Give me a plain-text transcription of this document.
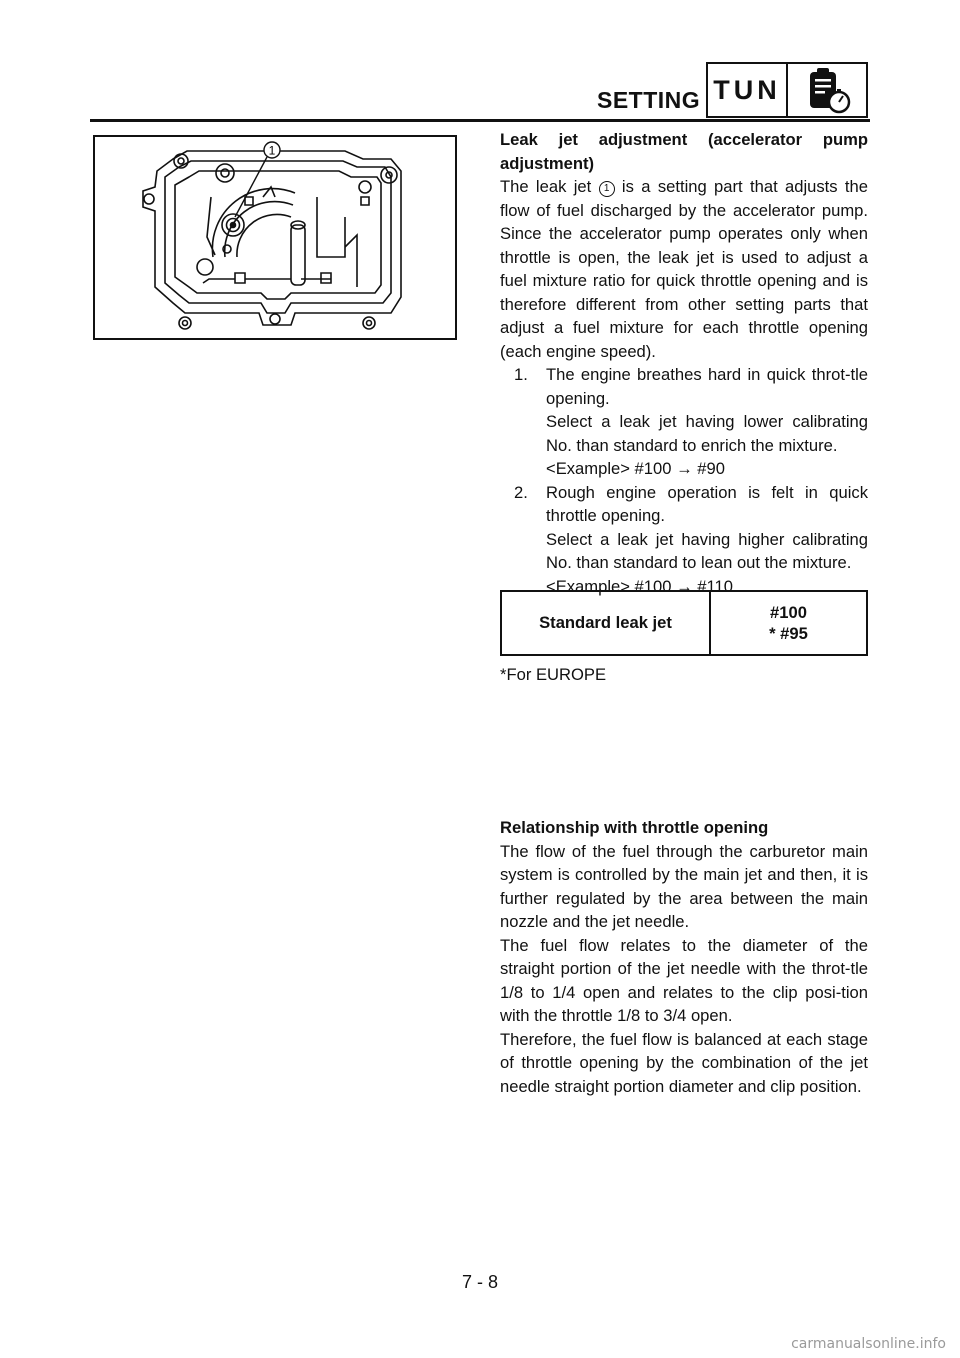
SETTING TUN
1

Leak jet adjustment (accelerator pump adjustment)

The leak jet 1 is a setting part that adjusts the flow of fuel discharged by the accelerator pump. Since the accelerator pump operates only when throttle is open, the leak jet is used to adjust a fuel mixture ratio for quick throttle opening and is therefore different from other setting parts that adjust a fuel mixture for each throttle opening (each engine speed).

1. The engine breathes hard in quick throt-tle opening.
Select a leak jet having lower calibrating No. than standard to enrich the mixture.
<Example> #100 → #90
2. Rough engine operation is felt in quick throttle opening.
Select a leak jet having higher calibrating No. than standard to lean out the mixture.
<Example> #100 → #110
Standard leak jet
#100
* #95
*For EUROPE

Relationship with throttle opening

The flow of the fuel through the carburetor main system is controlled by the main jet and then, it is further regulated by the area between the main nozzle and the jet needle.

The fuel flow relates to the diameter of the straight portion of the jet needle with the throt-tle 1/8 to 1/4 open and relates to the clip posi-tion with the throttle 1/8 to 3/4 open.

Therefore, the fuel flow is balanced at each stage of throttle opening by the combination of the jet needle straight portion diameter and clip position.

7 - 8
carmanualsonline.info
